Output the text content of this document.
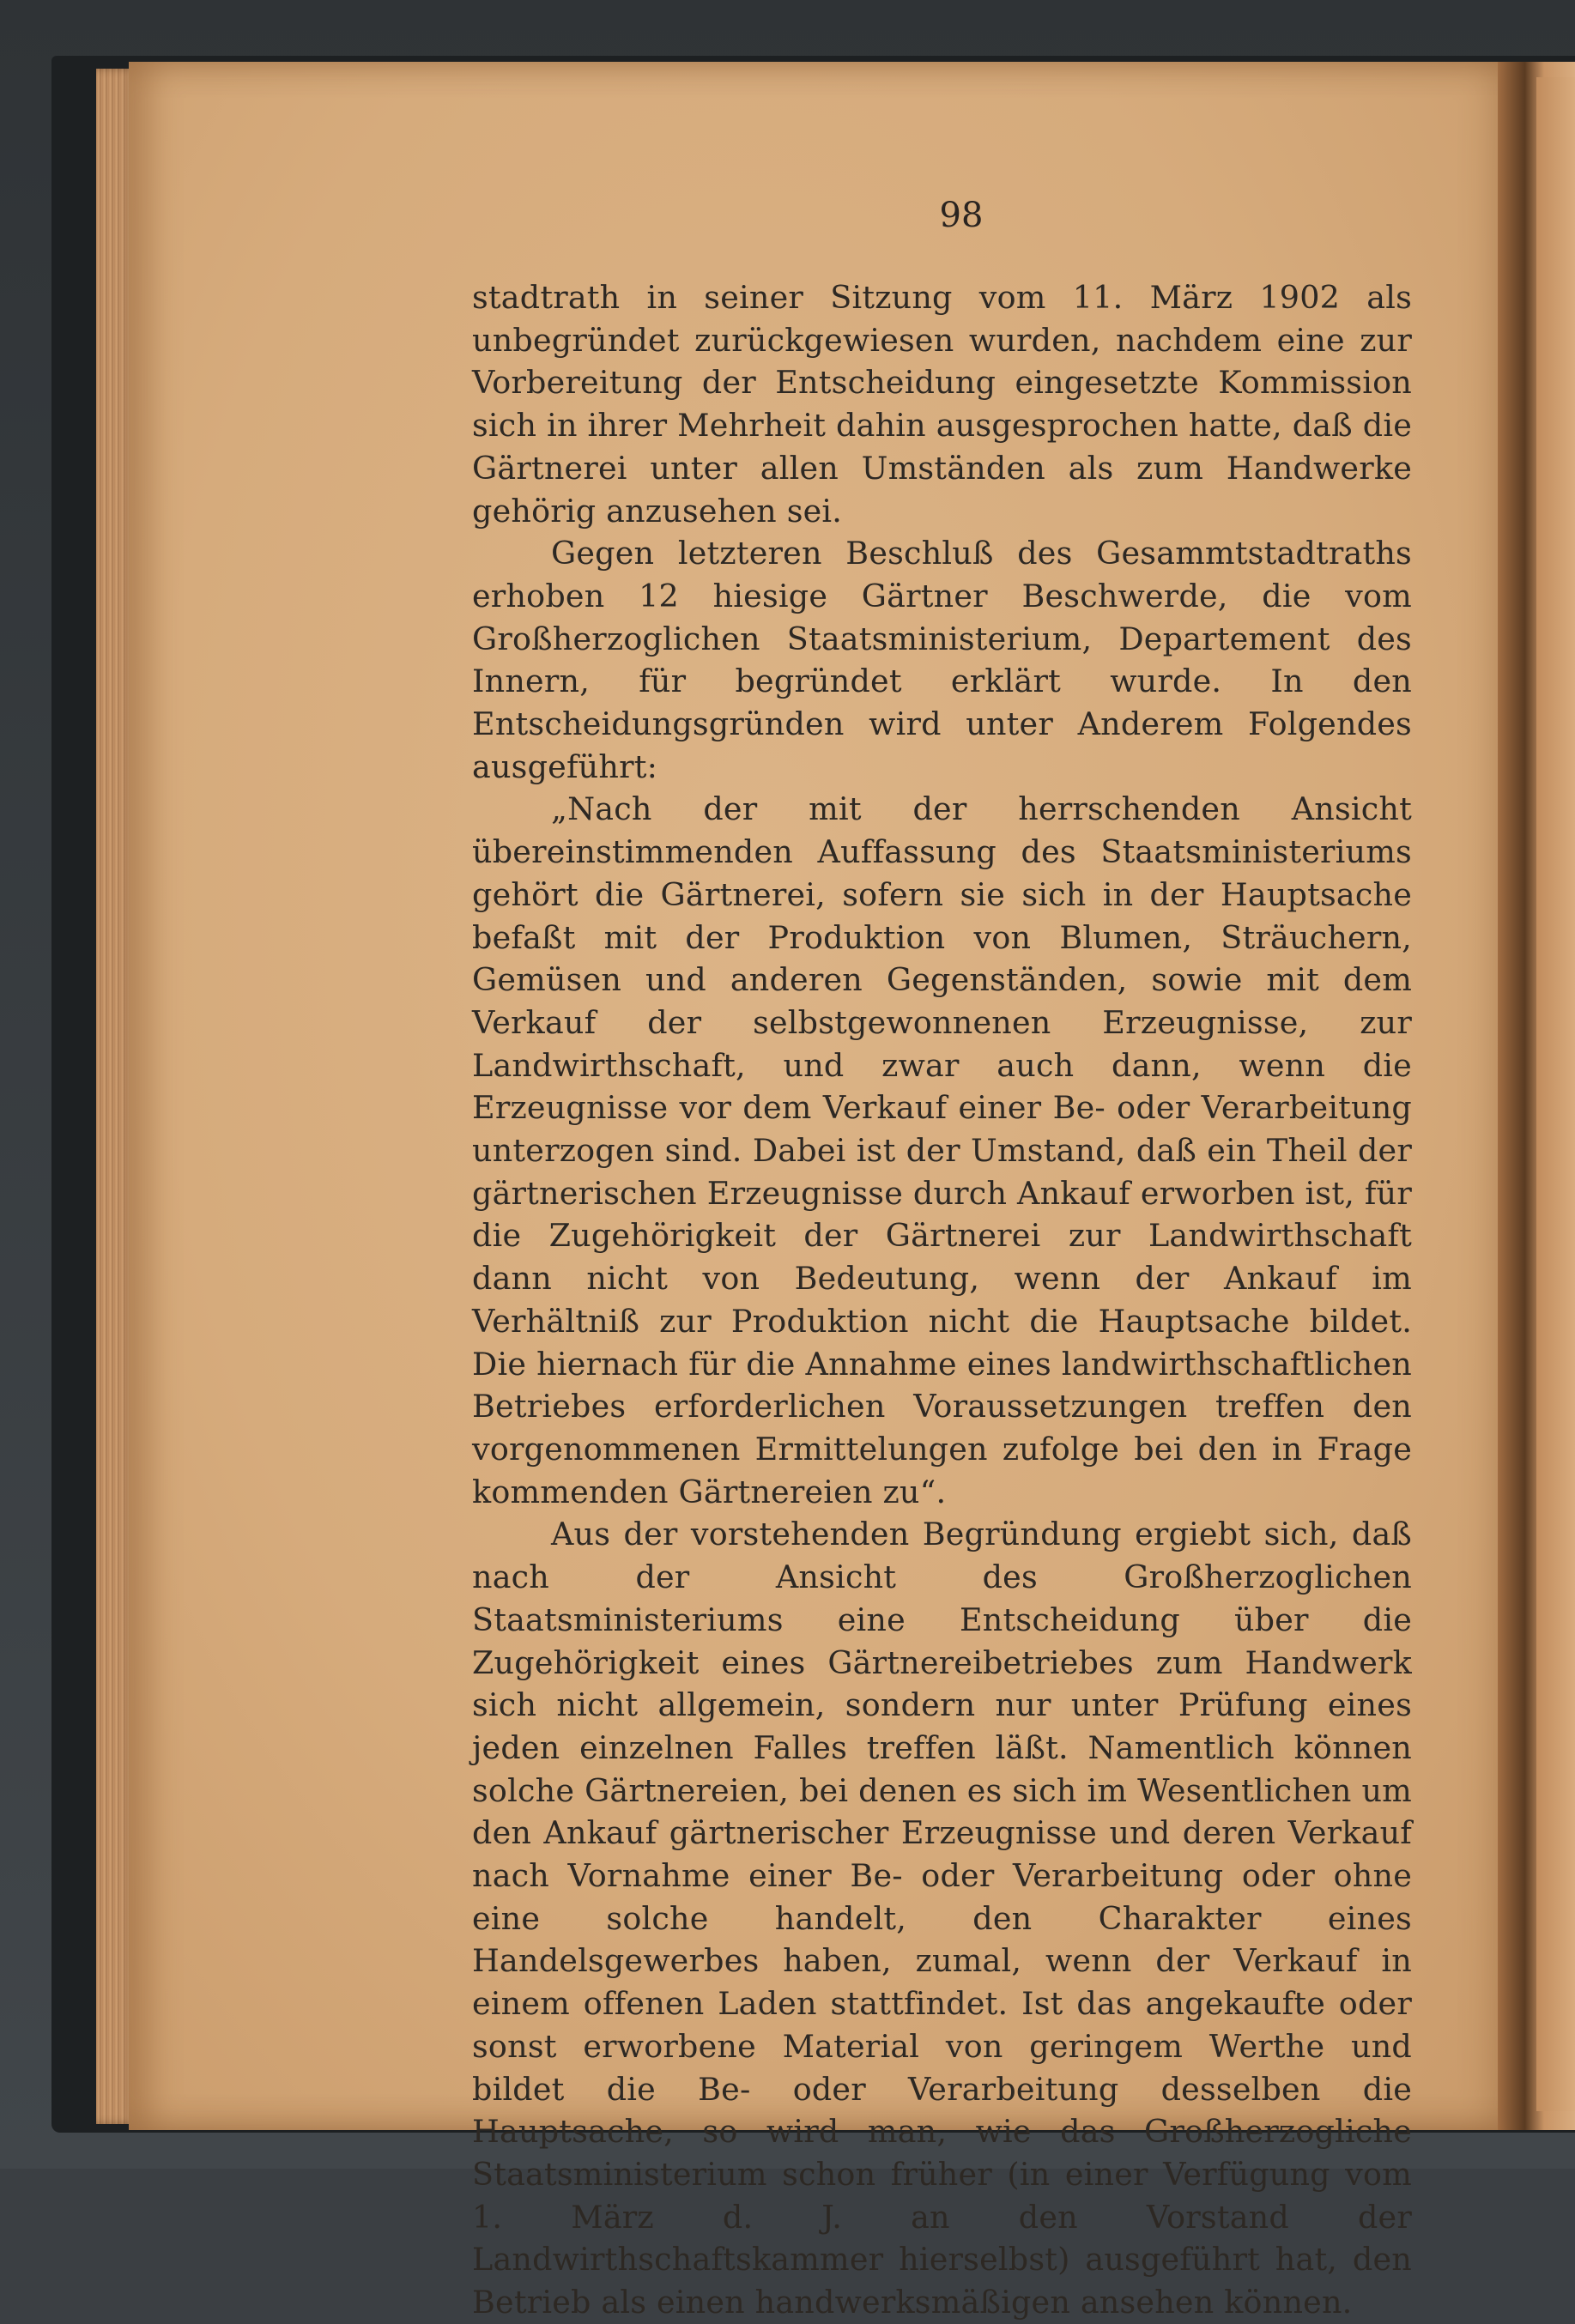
98

stadtrath in seiner Sitzung vom 11. März 1902 als unbegründet zurückgewiesen wurden, nachdem eine zur Vorbereitung der Entscheidung eingesetzte Kommission sich in ihrer Mehrheit dahin ausgesprochen hatte, daß die Gärtnerei unter allen Umständen als zum Handwerke gehörig anzusehen sei.

Gegen letzteren Beschluß des Gesammtstadtraths erhoben 12 hiesige Gärtner Beschwerde, die vom Großherzoglichen Staatsministerium, Departement des Innern, für begründet erklärt wurde. In den Entscheidungsgründen wird unter Anderem Folgendes ausgeführt:

„Nach der mit der herrschenden Ansicht übereinstimmenden Auffassung des Staatsministeriums gehört die Gärtnerei, sofern sie sich in der Hauptsache befaßt mit der Produktion von Blumen, Sträuchern, Gemüsen und anderen Gegenständen, sowie mit dem Verkauf der selbstgewonnenen Erzeugnisse, zur Landwirthschaft, und zwar auch dann, wenn die Erzeugnisse vor dem Verkauf einer Be- oder Verarbeitung unterzogen sind. Dabei ist der Umstand, daß ein Theil der gärtnerischen Erzeugnisse durch Ankauf erworben ist, für die Zugehörigkeit der Gärtnerei zur Landwirthschaft dann nicht von Bedeutung, wenn der Ankauf im Verhältniß zur Produktion nicht die Hauptsache bildet. Die hiernach für die Annahme eines landwirthschaftlichen Betriebes erforderlichen Voraussetzungen treffen den vorgenommenen Ermittelungen zufolge bei den in Frage kommenden Gärtnereien zu“.

Aus der vorstehenden Begründung ergiebt sich, daß nach der Ansicht des Großherzoglichen Staatsministeriums eine Entscheidung über die Zugehörigkeit eines Gärtnereibetriebes zum Handwerk sich nicht allgemein, sondern nur unter Prüfung eines jeden einzelnen Falles treffen läßt. Namentlich können solche Gärtnereien, bei denen es sich im Wesentlichen um den Ankauf gärtnerischer Erzeugnisse und deren Verkauf nach Vornahme einer Be- oder Verarbeitung oder ohne eine solche handelt, den Charakter eines Handelsgewerbes haben, zumal, wenn der Verkauf in einem offenen Laden stattfindet. Ist das angekaufte oder sonst erworbene Material von geringem Werthe und bildet die Be- oder Verarbeitung desselben die Hauptsache, so wird man, wie das Großherzogliche Staatsministerium schon früher (in einer Verfügung vom 1. März d. J. an den Vorstand der Landwirthschaftskammer hierselbst) ausgeführt hat, den Betrieb als einen handwerksmäßigen ansehen können.
